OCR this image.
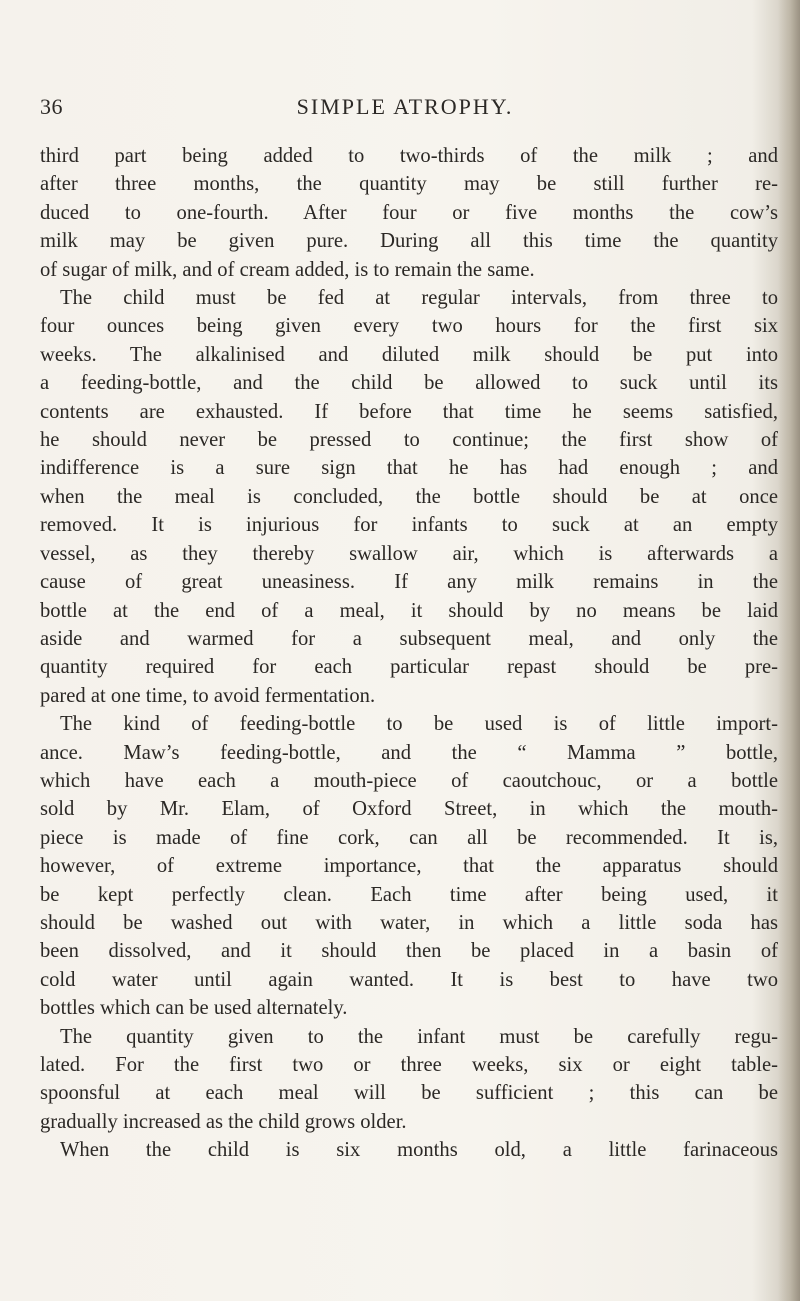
36	SIMPLE ATROPHY.
third part being added to two-thirds of the milk ; and
after three months, the quantity may be still further re-
duced to one-fourth. After four or five months the cow’s
milk may be given pure. During all this time the quantity
of sugar of milk, and of cream added, is to remain the same.
The child must be fed at regular intervals, from three to
four ounces being given every two hours for the first six
weeks. The alkalinised and diluted milk should be put into
a feeding-bottle, and the child be allowed to suck until its
contents are exhausted. If before that time he seems satisfied,
he should never be pressed to continue; the first show of
indifference is a sure sign that he has had enough ; and
when the meal is concluded, the bottle should be at once
removed. It is injurious for infants to suck at an empty
vessel, as they thereby swallow air, which is afterwards a
cause of great uneasiness. If any milk remains in the
bottle at the end of a meal, it should by no means be laid
aside and warmed for a subsequent meal, and only the
quantity required for each particular repast should be pre-
pared at one time, to avoid fermentation.
The kind of feeding-bottle to be used is of little import-
ance. Maw’s feeding-bottle, and the “ Mamma ” bottle,
which have each a mouth-piece of caoutchouc, or a bottle
sold by Mr. Elam, of Oxford Street, in which the mouth-
piece is made of fine cork, can all be recommended. It is,
however, of extreme importance, that the apparatus should
be kept perfectly clean. Each time after being used, it
should be washed out with water, in which a little soda has
been dissolved, and it should then be placed in a basin of
cold water until again wanted. It is best to have two
bottles which can be used alternately.
The quantity given to the infant must be carefully regu-
lated. For the first two or three weeks, six or eight table-
spoonsful at each meal will be sufficient ; this can be
gradually increased as the child grows older.
When the child is six months old, a little farinaceous
